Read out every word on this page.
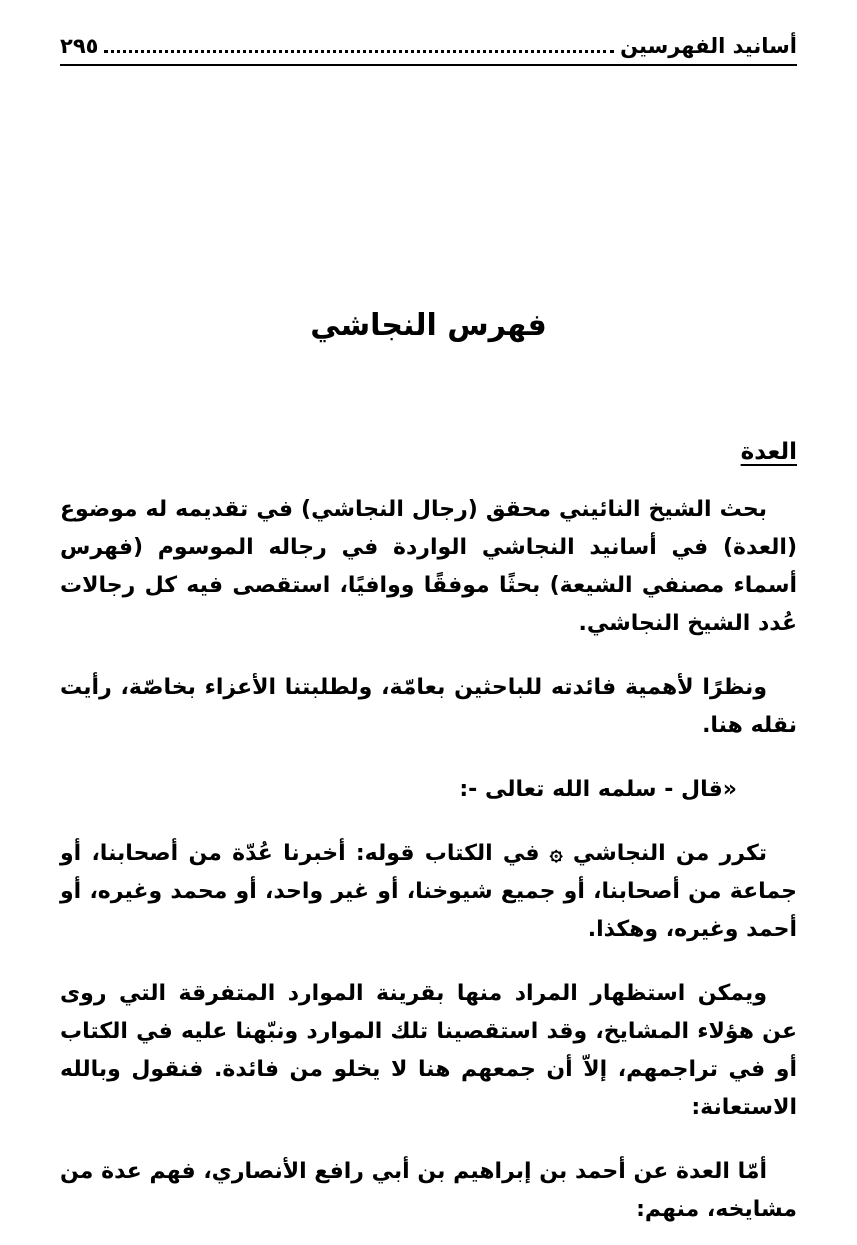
أسانيد الفهرسين
٢٩٥
فهرس النجاشي
العدة

بحث الشيخ النائيني محقق (رجال النجاشي) في تقديمه له موضوع (العدة) في أسانيد النجاشي الواردة في رجاله الموسوم (فهرس أسماء مصنفي الشيعة) بحثًا موفقًا ووافيًا، استقصى فيه كل رجالات عُدد الشيخ النجاشي.

ونظرًا لأهمية فائدته للباحثين بعامّة، ولطلبتنا الأعزاء بخاصّة، رأيت نقله هنا.

«قال - سلمه الله تعالى -:

تكرر من النجاشي ۞ في الكتاب قوله: أخبرنا عُدّة من أصحابنا، أو جماعة من أصحابنا، أو جميع شيوخنا، أو غير واحد، أو محمد وغيره، أو أحمد وغيره، وهكذا.

ويمكن استظهار المراد منها بقرينة الموارد المتفرقة التي روى عن هؤلاء المشايخ، وقد استقصينا تلك الموارد ونبّهنا عليه في الكتاب أو في تراجمهم، إلاّ أن جمعهم هنا لا يخلو من فائدة. فنقول وبالله الاستعانة:

أمّا العدة عن أحمد بن إبراهيم بن أبي رافع الأنصاري، فهم عدة من مشايخه، منهم:
